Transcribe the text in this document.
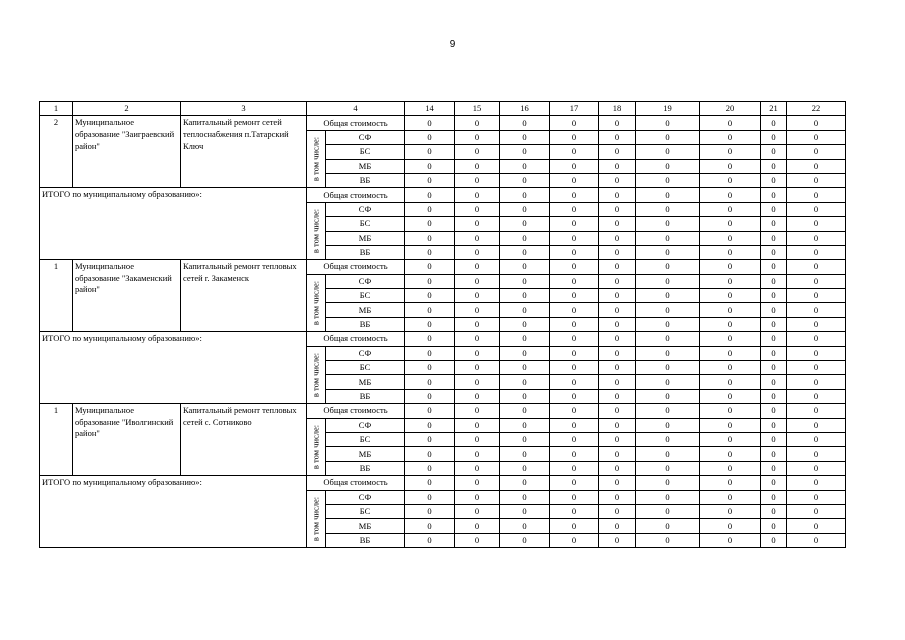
9
1	2	3	4		14	15	16	17	18	19	20	21	22
2	Муниципальное образование "Заиграевский район"	Капитальный ремонт сетей теплоснабжения п.Татарский Ключ	Общая стоимость		0	0	0	0	0	0	0	0	0

			в том числе:	СФ	0	0	0	0	0	0	0	0	0
				БС	0	0	0	0	0	0	0	0	0
				МБ	0	0	0	0	0	0	0	0	0
				ВБ	0	0	0	0	0	0	0	0	0
ИТОГО по муниципальному образованию»:			Общая стоимость		0	0	0	0	0	0	0	0	0

			в том числе:	СФ	0	0	0	0	0	0	0	0	0
				БС	0	0	0	0	0	0	0	0	0
				МБ	0	0	0	0	0	0	0	0	0
				ВБ	0	0	0	0	0	0	0	0	0
1	Муниципальное образование "Закаменский район"	Капитальный ремонт тепловых сетей г. Закаменск	Общая стоимость		0	0	0	0	0	0	0	0	0

			в том числе:	СФ	0	0	0	0	0	0	0	0	0
				БС	0	0	0	0	0	0	0	0	0
				МБ	0	0	0	0	0	0	0	0	0
				ВБ	0	0	0	0	0	0	0	0	0
ИТОГО по муниципальному образованию»:			Общая стоимость		0	0	0	0	0	0	0	0	0

			в том числе:	СФ	0	0	0	0	0	0	0	0	0
				БС	0	0	0	0	0	0	0	0	0
				МБ	0	0	0	0	0	0	0	0	0
				ВБ	0	0	0	0	0	0	0	0	0
1	Муниципальное образование "Иволгинский район"	Капитальный ремонт тепловых сетей с. Сотниково	Общая стоимость		0	0	0	0	0	0	0	0	0

			в том числе:	СФ	0	0	0	0	0	0	0	0	0
				БС	0	0	0	0	0	0	0	0	0
				МБ	0	0	0	0	0	0	0	0	0
				ВБ	0	0	0	0	0	0	0	0	0
ИТОГО по муниципальному образованию»:			Общая стоимость		0	0	0	0	0	0	0	0	0

			в том числе:	СФ	0	0	0	0	0	0	0	0	0
				БС	0	0	0	0	0	0	0	0	0
				МБ	0	0	0	0	0	0	0	0	0
				ВБ	0	0	0	0	0	0	0	0	0
